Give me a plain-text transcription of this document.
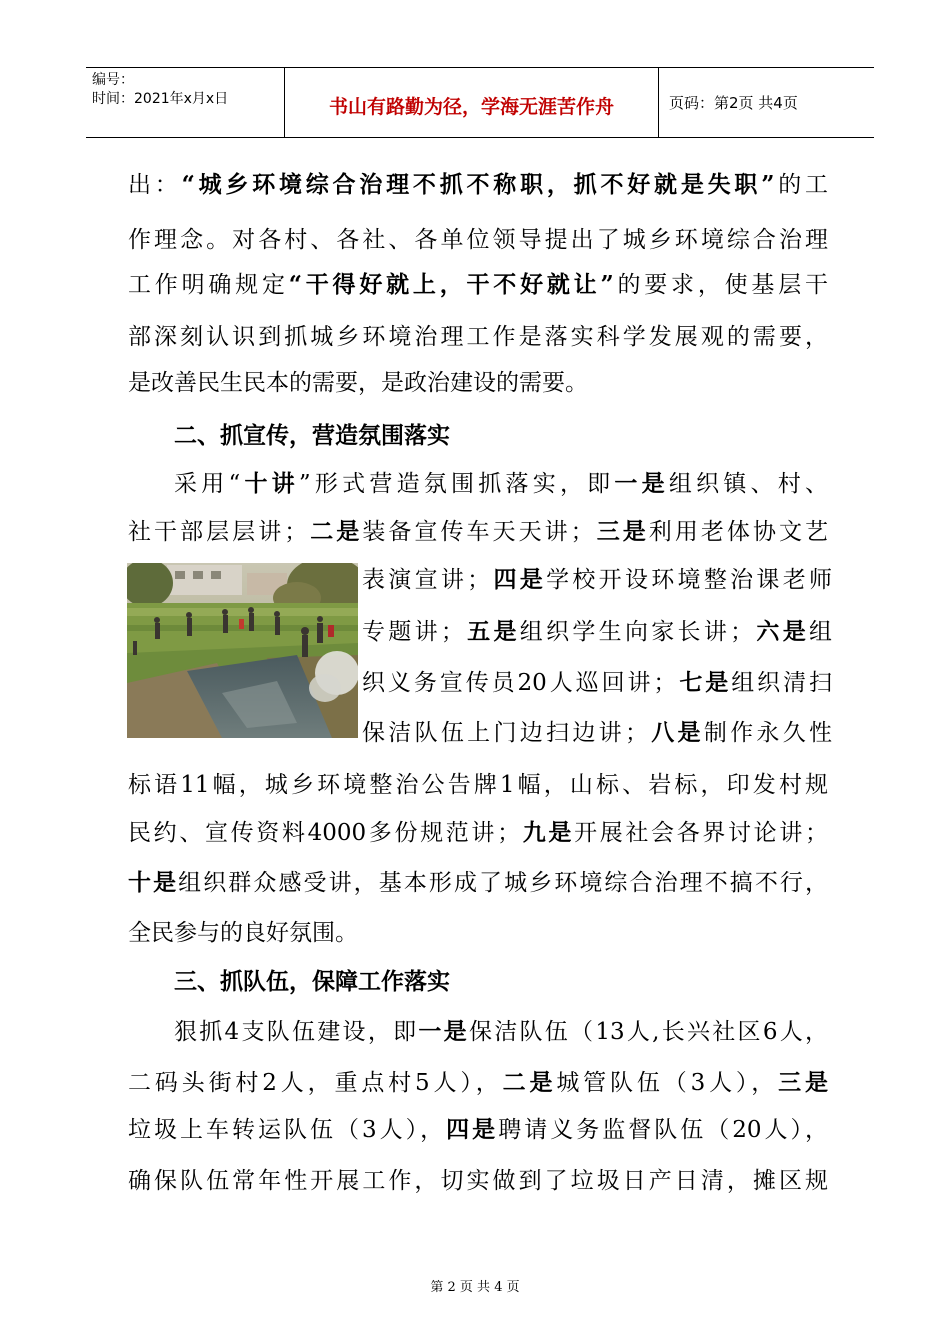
编号：
时间：2021年x月x日	书山有路勤为径，学海无涯苦作舟	页码：第2页 共4页
出：“城乡环境综合治理不抓不称职，抓不好就是失职”的工
作理念。对各村、各社、各单位领导提出了城乡环境综合治理
工作明确规定“干得好就上，干不好就让”的要求，使基层干
部深刻认识到抓城乡环境治理工作是落实科学发展观的需要，
是改善民生民本的需要，是政治建设的需要。
二、抓宣传，营造氛围落实
采用“十讲”形式营造氛围抓落实，即一是组织镇、村、
社干部层层讲；二是装备宣传车天天讲；三是利用老体协文艺
表演宣讲；四是学校开设环境整治课老师
专题讲；五是组织学生向家长讲；六是组
织义务宣传员20人巡回讲；七是组织清扫
保洁队伍上门边扫边讲；八是制作永久性
标语11幅，城乡环境整治公告牌1幅，山标、岩标，印发村规
民约、宣传资料4000多份规范讲；九是开展社会各界讨论讲；
十是组织群众感受讲，基本形成了城乡环境综合治理不搞不行，
全民参与的良好氛围。
三、抓队伍，保障工作落实
狠抓4支队伍建设，即一是保洁队伍（13人,长兴社区6人，
二码头街村2人，重点村5人），二是城管队伍（3人），三是
垃圾上车转运队伍（3人），四是聘请义务监督队伍（20人），
确保队伍常年性开展工作，切实做到了垃圾日产日清，摊区规
第 2 页 共 4 页
